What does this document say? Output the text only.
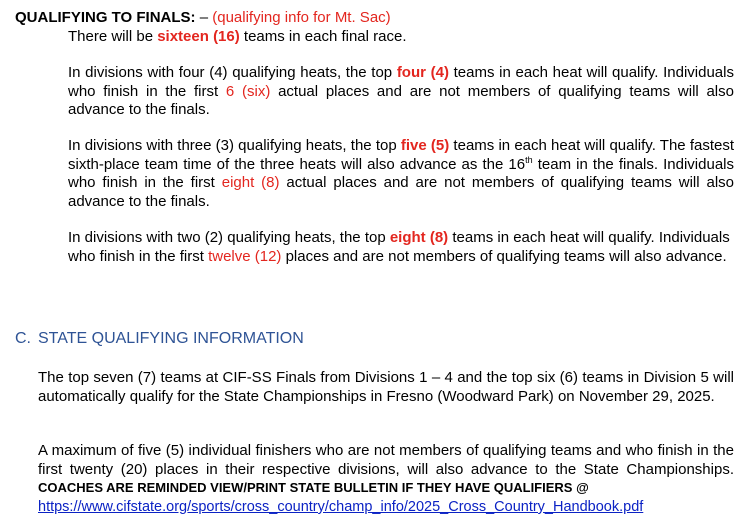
QUALIFYING TO FINALS: – (qualifying info for Mt. Sac)
There will be sixteen (16) teams in each final race.
In divisions with four (4) qualifying heats, the top four (4) teams in each heat will qualify. Individuals who finish in the first 6 (six) actual places and are not members of qualifying teams will also advance to the finals.
In divisions with three (3) qualifying heats, the top five (5) teams in each heat will qualify. The fastest sixth-place team time of the three heats will also advance as the 16th team in the finals. Individuals who finish in the first eight (8) actual places and are not members of qualifying teams will also advance to the finals.
In divisions with two (2) qualifying heats, the top eight (8) teams in each heat will qualify. Individuals who finish in the first twelve (12) places and are not members of qualifying teams will also advance.
C. STATE QUALIFYING INFORMATION
The top seven (7) teams at CIF-SS Finals from Divisions 1 – 4 and the top six (6) teams in Division 5 will automatically qualify for the State Championships in Fresno (Woodward Park) on November 29, 2025.
A maximum of five (5) individual finishers who are not members of qualifying teams and who finish in the first twenty (20) places in their respective divisions, will also advance to the State Championships. COACHES ARE REMINDED VIEW/PRINT STATE BULLETIN IF THEY HAVE QUALIFIERS @
https://www.cifstate.org/sports/cross_country/champ_info/2025_Cross_Country_Handbook.pdf
